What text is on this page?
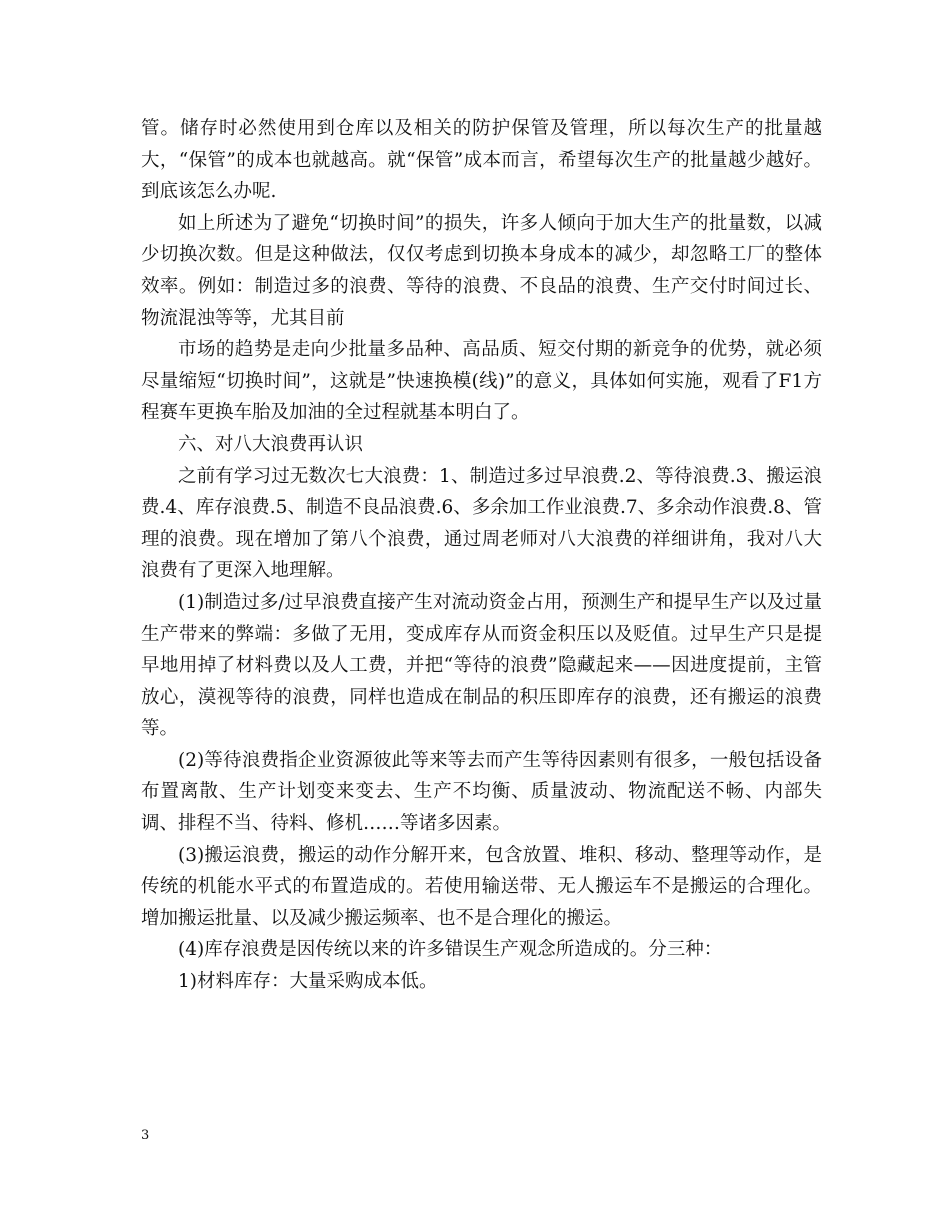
管。储存时必然使用到仓库以及相关的防护保管及管理，所以每次生产的批量越大，“保管”的成本也就越高。就“保管”成本而言，希望每次生产的批量越少越好。到底该怎么办呢.

如上所述为了避免“切换时间”的损失，许多人倾向于加大生产的批量数，以减少切换次数。但是这种做法，仅仅考虑到切换本身成本的减少，却忽略工厂的整体效率。例如：制造过多的浪费、等待的浪费、不良品的浪费、生产交付时间过长、物流混浊等等，尤其目前

市场的趋势是走向少批量多品种、高品质、短交付期的新竞争的优势，就必须尽量缩短“切换时间”，这就是”快速换模(线)”的意义，具体如何实施，观看了F1方程赛车更换车胎及加油的全过程就基本明白了。

六、对八大浪费再认识

之前有学习过无数次七大浪费：1、制造过多过早浪费.2、等待浪费.3、搬运浪费.4、库存浪费.5、制造不良品浪费.6、多余加工作业浪费.7、多余动作浪费.8、管理的浪费。现在增加了第八个浪费，通过周老师对八大浪费的祥细讲角，我对八大浪费有了更深入地理解。

(1)制造过多/过早浪费直接产生对流动资金占用，预测生产和提早生产以及过量生产带来的弊端：多做了无用，变成库存从而资金积压以及贬值。过早生产只是提早地用掉了材料费以及人工费，并把“等待的浪费”隐藏起来——因进度提前，主管放心，漠视等待的浪费，同样也造成在制品的积压即库存的浪费，还有搬运的浪费等。

(2)等待浪费指企业资源彼此等来等去而产生等待因素则有很多，一般包括设备布置离散、生产计划变来变去、生产不均衡、质量波动、物流配送不畅、内部失调、排程不当、待料、修机……等诸多因素。

(3)搬运浪费，搬运的动作分解开来，包含放置、堆积、移动、整理等动作，是传统的机能水平式的布置造成的。若使用输送带、无人搬运车不是搬运的合理化。增加搬运批量、以及减少搬运频率、也不是合理化的搬运。

(4)库存浪费是因传统以来的许多错误生产观念所造成的。分三种：

1)材料库存：大量采购成本低。

3
